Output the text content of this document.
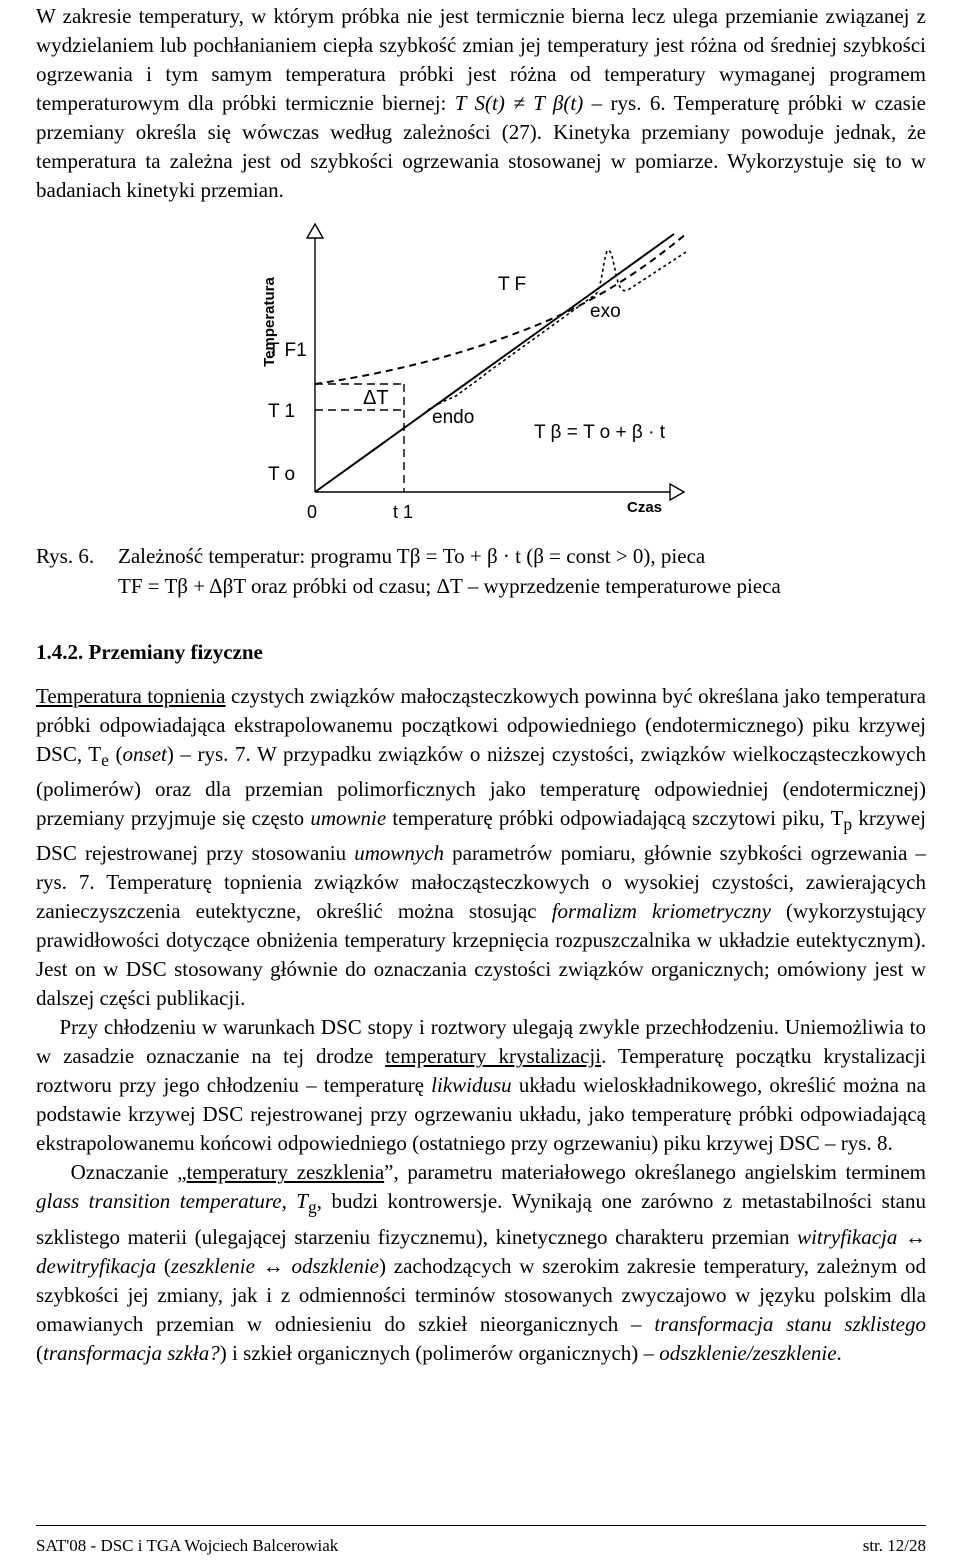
W zakresie temperatury, w którym próbka nie jest termicznie bierna lecz ulega przemianie związanej z wydzielaniem lub pochłanianiem ciepła szybkość zmian jej temperatury jest różna od średniej szybkości ogrzewania i tym samym temperatura próbki jest różna od temperatury wymaganej programem temperaturowym dla próbki termicznie biernej: T S(t) ≠ T β(t) – rys. 6. Temperaturę próbki w czasie przemiany określa się wówczas według zależności (27). Kinetyka przemiany powoduje jednak, że temperatura ta zależna jest od szybkości ogrzewania stosowanej w pomiarze. Wykorzystuje się to w badaniach kinetyki przemian.

Temperatura
Czas
T F1
T 1
T o
0	t 1
ΔT
endo
exo
T F
T β = T o + β · t
Rys. 6. Zależność temperatur: programu Tβ = To + β · t (β = const > 0), pieca
TF = Tβ + ΔβT oraz próbki od czasu; ΔT – wyprzedzenie temperaturowe pieca
1.4.2. Przemiany fizyczne

Temperatura topnienia czystych związków małocząsteczkowych powinna być określana jako temperatura próbki odpowiadająca ekstrapolowanemu początkowi odpowiedniego (endotermicznego) piku krzywej DSC, $T_e$ (onset) – rys. 7. W przypadku związków o niższej czystości, związków wielkocząsteczkowych (polimerów) oraz dla przemian polimorficznych jako temperaturę odpowiedniej (endotermicznej) przemiany przyjmuje się często umownie temperaturę próbki odpowiadającą szczytowi piku, $T_p$ krzywej DSC rejestrowanej przy stosowaniu umownych parametrów pomiaru, głównie szybkości ogrzewania – rys. 7. Temperaturę topnienia związków małocząsteczkowych o wysokiej czystości, zawierających zanieczyszczenia eutektyczne, określić można stosując formalizm kriometryczny (wykorzystujący prawidłowości dotyczące obniżenia temperatury krzepnięcia rozpuszczalnika w układzie eutektycznym). Jest on w DSC stosowany głównie do oznaczania czystości związków organicznych; omówiony jest w dalszej części publikacji.

Przy chłodzeniu w warunkach DSC stopy i roztwory ulegają zwykle przechłodzeniu. Uniemożliwia to w zasadzie oznaczanie na tej drodze temperatury krystalizacji. Temperaturę początku krystalizacji roztworu przy jego chłodzeniu – temperaturę likwidusu układu wieloskładnikowego, określić można na podstawie krzywej DSC rejestrowanej przy ogrzewaniu układu, jako temperaturę próbki odpowiadającą ekstrapolowanemu końcowi odpowiedniego (ostatniego przy ogrzewaniu) piku krzywej DSC – rys. 8.

Oznaczanie „temperatury zeszklenia”, parametru materiałowego określanego angielskim terminem glass transition temperature, $T_g$, budzi kontrowersje. Wynikają one zarówno z metastabilności stanu szklistego materii (ulegającej starzeniu fizycznemu), kinetycznego charakteru przemian witryfikacja ↔ dewitryfikacja (zeszklenie ↔ odszklenie) zachodzących w szerokim zakresie temperatury, zależnym od szybkości jej zmiany, jak i z odmienności terminów stosowanych zwyczajowo w języku polskim dla omawianych przemian w odniesieniu do szkieł nieorganicznych – transformacja stanu szklistego (transformacja szkła?) i szkieł organicznych (polimerów organicznych) – odszklenie/zeszklenie.

SAT'08 - DSC i TGA Wojciech Balcerowiak	str. 12/28
